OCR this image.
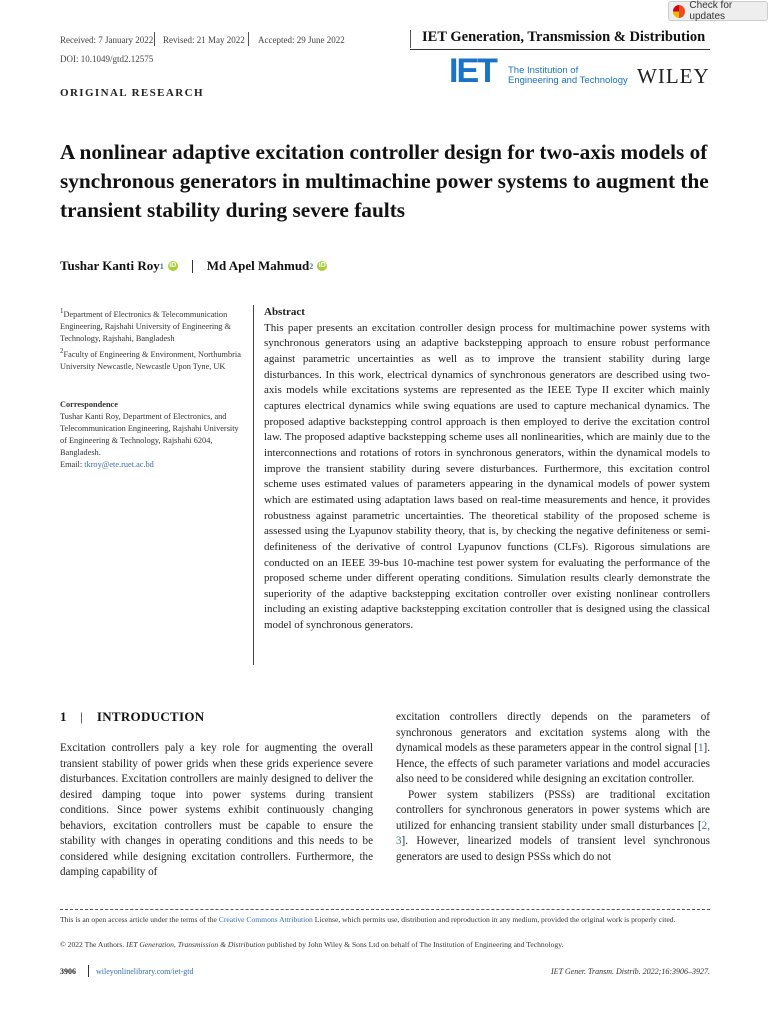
Check for updates
Received: 7 January 2022 Revised: 21 May 2022 Accepted: 29 June 2022	IET Generation, Transmission & Distribution
DOI: 10.1049/gtd2.12575	IET The Institution of
Engineering and Technology WILEY
ORIGINAL RESEARCH
A nonlinear adaptive excitation controller design for two-axis models of synchronous generators in multimachine power systems to augment the transient stability during severe faults
Tushar Kanti Roy 1 iD Md Apel Mahmud 2 iD
$^1$Department of Electronics & Telecommunication Engineering, Rajshahi University of Engineering & Technology, Rajshahi, Bangladesh
$^2$Faculty of Engineering & Environment, Northumbria University Newcastle, Newcastle Upon Tyne, UK
Correspondence
Tushar Kanti Roy, Department of Electronics, and Telecommunication Engineering, Rajshahi University of Engineering & Technology, Rajshahi 6204, Bangladesh.
Email: tkroy@ete.ruet.ac.bd
Abstract
This paper presents an excitation controller design process for multimachine power systems with synchronous generators using an adaptive backstepping approach to ensure robust performance against parametric uncertainties as well as to improve the transient stability during large disturbances. In this work, electrical dynamics of synchronous generators are described using two-axis models while excitations systems are represented as the IEEE Type II exciter which mainly captures electrical dynamics while swing equations are used to capture mechanical dynamics. The proposed adaptive backstepping control approach is then employed to derive the excitation control law. The proposed adaptive backstepping scheme uses all nonlinearities, which are mainly due to the interconnections and rotations of rotors in synchronous generators, within the dynamical models to improve the transient stability during severe disturbances. Furthermore, this excitation control scheme uses estimated values of parameters appearing in the dynamical models of power system which are estimated using adaptation laws based on real-time measurements and hence, it provides robustness against parametric uncertainties. The theoretical stability of the proposed scheme is assessed using the Lyapunov stability theory, that is, by checking the negative definiteness or semi-definiteness of the derivative of control Lyapunov functions (CLFs). Rigorous simulations are conducted on an IEEE 39-bus 10-machine test power system for evaluating the performance of the proposed scheme under different operating conditions. Simulation results clearly demonstrate the superiority of the adaptive backstepping excitation controller over existing nonlinear controllers including an existing adaptive backstepping excitation controller that is designed using the classical model of synchronous generators.
1 | INTRODUCTION

Excitation controllers paly a key role for augmenting the overall transient stability of power grids when these grids experience severe disturbances. Excitation controllers are mainly designed to deliver the desired damping toque into power systems during transient conditions. Since power systems exhibit continuously changing behaviors, excitation controllers must be capable to ensure the stability with changes in operating conditions and this needs to be considered while designing excitation controllers. Furthermore, the damping capability of

excitation controllers directly depends on the parameters of synchronous generators and excitation systems along with the dynamical models as these parameters appear in the control signal [1]. Hence, the effects of such parameter variations and model accuracies also need to be considered while designing an excitation controller.

Power system stabilizers (PSSs) are traditional excitation controllers for synchronous generators in power systems which are utilized for enhancing transient stability under small disturbances [2, 3]. However, linearized models of transient level synchronous generators are used to design PSSs which do not

This is an open access article under the terms of the Creative Commons Attribution License, which permits use, distribution and reproduction in any medium, provided the original work is properly cited.
© 2022 The Authors. IET Generation, Transmission & Distribution published by John Wiley & Sons Ltd on behalf of The Institution of Engineering and Technology.
3906	wileyonlinelibrary.com/iet-gtd	IET Gener. Transm. Distrib. 2022;16:3906–3927.
